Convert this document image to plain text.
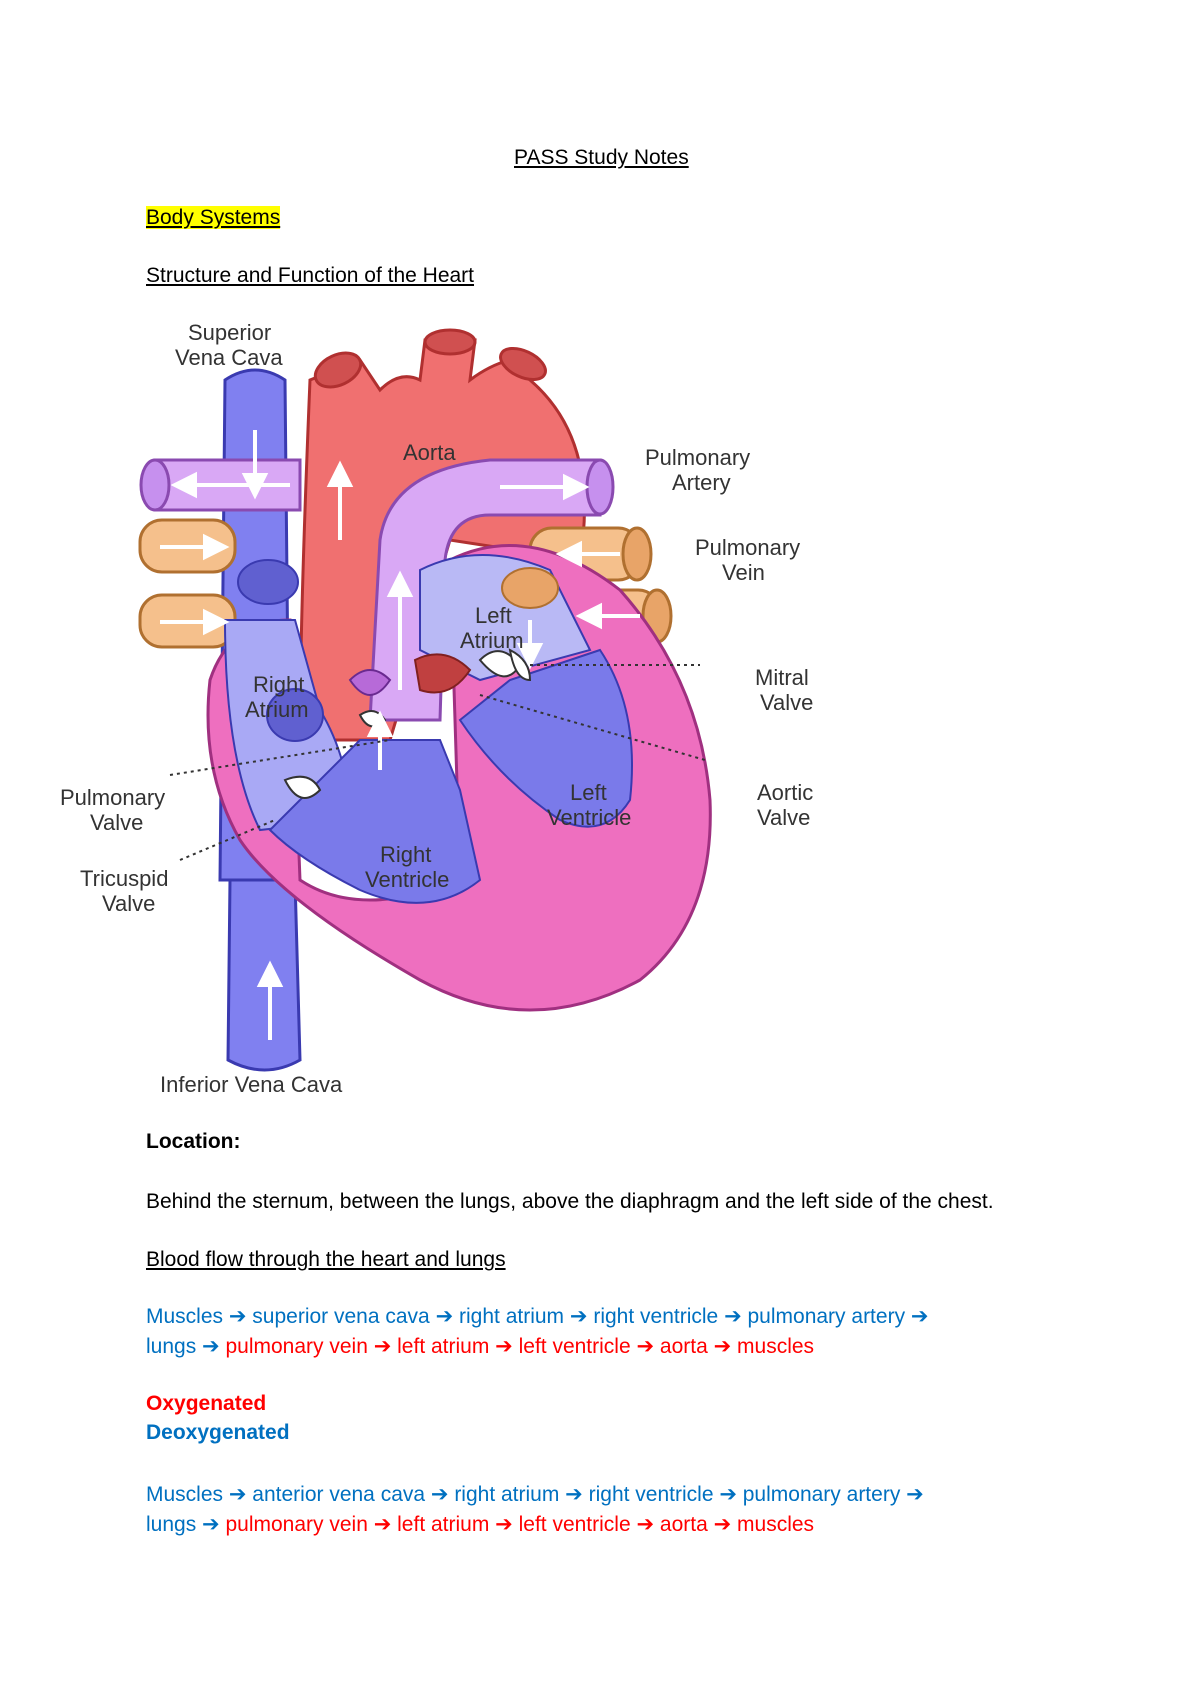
PASS Study Notes
Body Systems
Structure and Function of the Heart
Superior
Vena Cava
Aorta	Pulmonary
Artery
Pulmonary
Vein
Left
Atrium
Right
Atrium
Mitral
Valve
Pulmonary
Valve
Aortic
Valve
Left
Ventricle
Tricuspid
Valve
Right
Ventricle
Inferior Vena Cava
Location:
Behind the sternum, between the lungs, above the diaphragm and the left side of the chest.
Blood flow through the heart and lungs
Muscles ➔ superior vena cava ➔ right atrium ➔ right ventricle ➔ pulmonary artery ➔
lungs ➔ pulmonary vein ➔ left atrium ➔ left ventricle ➔ aorta ➔ muscles
Oxygenated
Deoxygenated
Muscles ➔ anterior vena cava ➔ right atrium ➔ right ventricle ➔ pulmonary artery ➔
lungs ➔ pulmonary vein ➔ left atrium ➔ left ventricle ➔ aorta ➔ muscles
